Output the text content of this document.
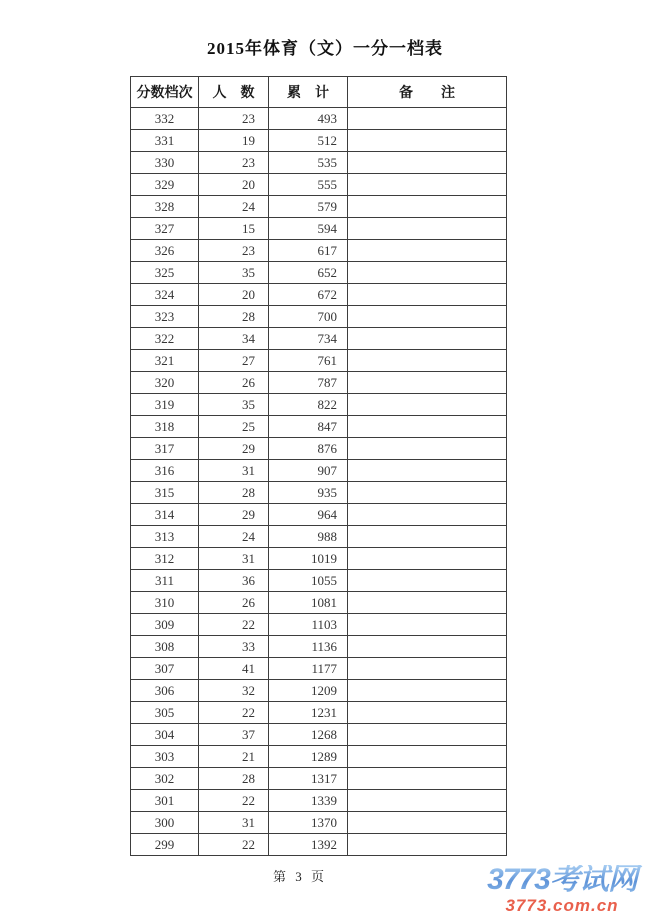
2015年体育（文）一分一档表
分数档次	人　数	累　计	备　　注
332	23	493	
331	19	512	
330	23	535	
329	20	555	
328	24	579	
327	15	594	
326	23	617	
325	35	652	
324	20	672	
323	28	700	
322	34	734	
321	27	761	
320	26	787	
319	35	822	
318	25	847	
317	29	876	
316	31	907	
315	28	935	
314	29	964	
313	24	988	
312	31	1019	
311	36	1055	
310	26	1081	
309	22	1103	
308	33	1136	
307	41	1177	
306	32	1209	
305	22	1231	
304	37	1268	
303	21	1289	
302	28	1317	
301	22	1339	
300	31	1370	
299	22	1392	
第 3 页	3773考试网
3773.com.cn
